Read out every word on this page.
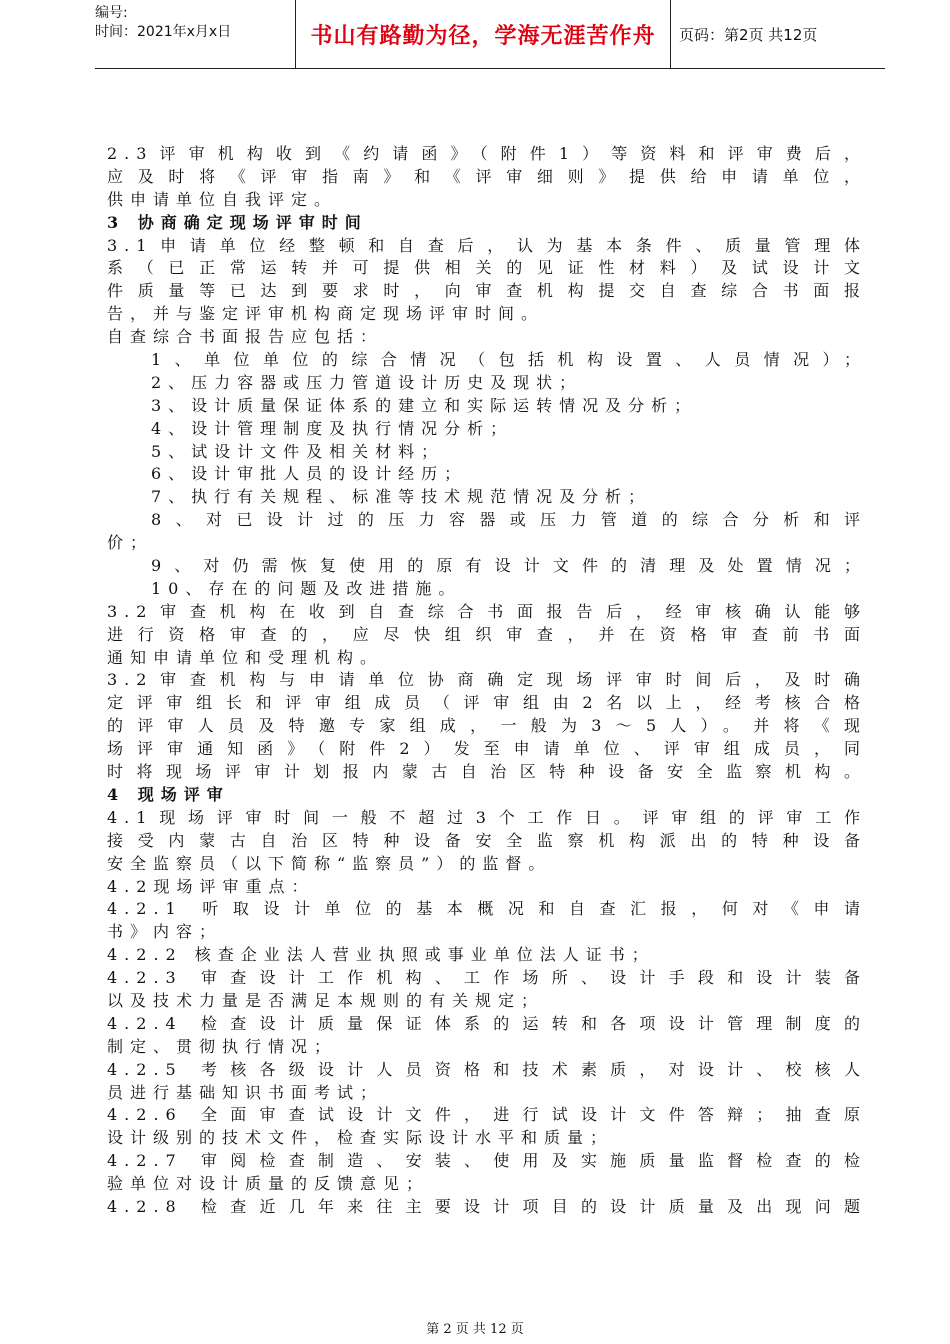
编号:
时间：2021年x月x日	书山有路勤为径，学海无涯苦作舟 页码：第2页 共12页
2.3评审机构收到《约请函》（附件1）等资料和评审费后，
应及时将《评审指南》和《评审细则》提供给申请单位，
供申请单位自我评定。
3 协商确定现场评审时间
3.1申请单位经整顿和自查后，认为基本条件、质量管理体
系（已正常运转并可提供相关的见证性材料）及试设计文
件质量等已达到要求时，向审查机构提交自查综合书面报
告，并与鉴定评审机构商定现场评审时间。
自查综合书面报告应包括：
1、单位单位的综合情况（包括机构设置、人员情况）；
2、压力容器或压力管道设计历史及现状；
3、设计质量保证体系的建立和实际运转情况及分析；
4、设计管理制度及执行情况分析；
5、试设计文件及相关材料；
6、设计审批人员的设计经历；
7、执行有关规程、标准等技术规范情况及分析；
8、对已设计过的压力容器或压力管道的综合分析和评
价；
9、对仍需恢复使用的原有设计文件的清理及处置情况；
10、存在的问题及改进措施。
3.2审查机构在收到自查综合书面报告后，经审核确认能够
进行资格审查的，应尽快组织审查，并在资格审查前书面
通知申请单位和受理机构。
3.2审查机构与申请单位协商确定现场评审时间后，及时确
定评审组长和评审组成员（评审组由2名以上，经考核合格
的评审人员及特邀专家组成，一般为3～5人）。并将《现
场评审通知函》（附件2）发至申请单位、评审组成员，同
时将现场评审计划报内蒙古自治区特种设备安全监察机构。
4 现场评审
4.1现场评审时间一般不超过3个工作日。评审组的评审工作
接受内蒙古自治区特种设备安全监察机构派出的特种设备
安全监察员（以下简称“监察员”）的监督。
4.2现场评审重点：
4.2.1 听取设计单位的基本概况和自查汇报，何对《申请
书》内容；
4.2.2 核查企业法人营业执照或事业单位法人证书；
4.2.3 审查设计工作机构、工作场所、设计手段和设计装备
以及技术力量是否满足本规则的有关规定；
4.2.4 检查设计质量保证体系的运转和各项设计管理制度的
制定、贯彻执行情况；
4.2.5 考核各级设计人员资格和技术素质，对设计、校核人
员进行基础知识书面考试；
4.2.6 全面审查试设计文件，进行试设计文件答辩；抽查原
设计级别的技术文件，检查实际设计水平和质量；
4.2.7 审阅检查制造、安装、使用及实施质量监督检查的检
验单位对设计质量的反馈意见；
4.2.8 检查近几年来往主要设计项目的设计质量及出现问题
第 2 页 共 12 页
